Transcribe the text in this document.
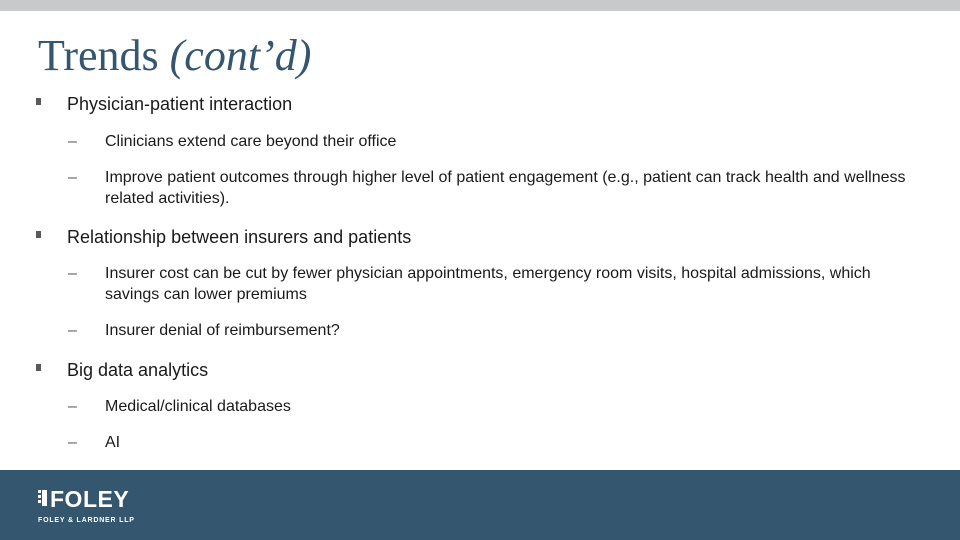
Trends (cont’d)
Physician-patient interaction
– Clinicians extend care beyond their office
– Improve patient outcomes through higher level of patient engagement (e.g., patient can track health and wellness related activities).
Relationship between insurers and patients
– Insurer cost can be cut by fewer physician appointments, emergency room visits, hospital admissions, which savings can lower premiums
– Insurer denial of reimbursement?
Big data analytics
– Medical/clinical databases
– AI
FOLEY
FOLEY & LARDNER LLP
